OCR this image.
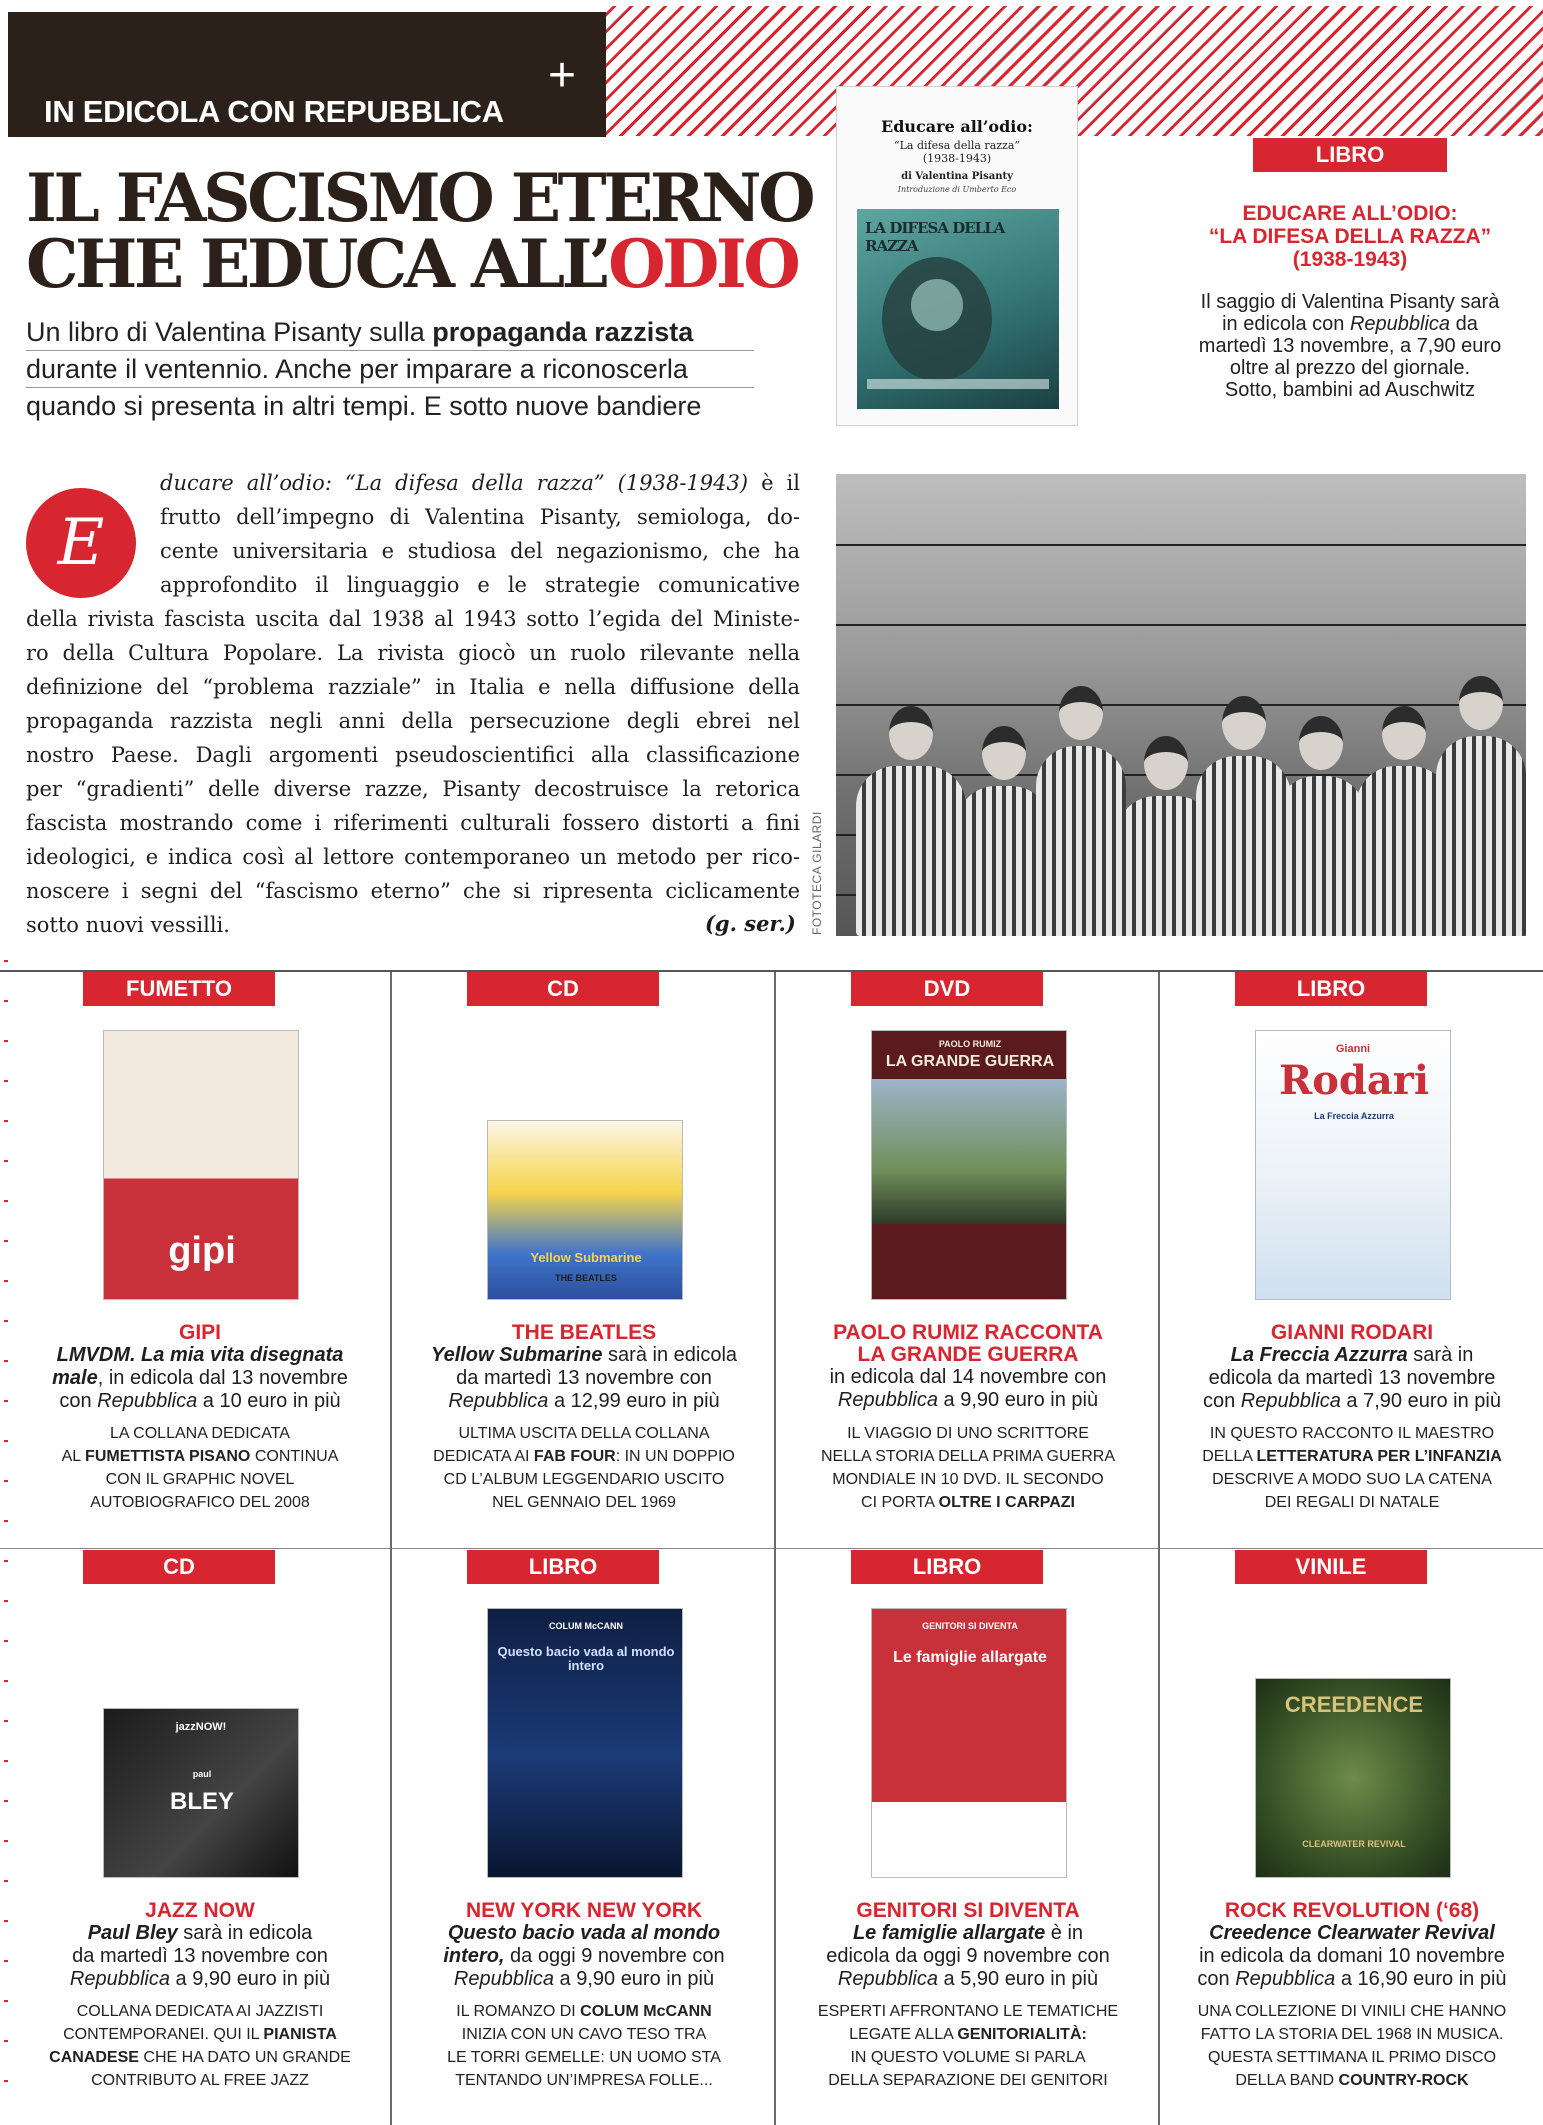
IN EDICOLA CON REPUBBLICA
+
IL FASCISMO ETERNO
CHE EDUCA ALL’ODIO
Un libro di Valentina Pisanty sulla propaganda razzista
durante il ventennio. Anche per imparare a riconoscerla
quando si presenta in altri tempi. E sotto nuove bandiere
Educare all’odio:
“La difesa della razza”
(1938-1943)
di Valentina Pisanty
Introduzione di Umberto Eco
LA DIFESA DELLA RAZZA
LIBRO
EDUCARE ALL’ODIO:
“LA DIFESA DELLA RAZZA”
(1938-1943)
Il saggio di Valentina Pisanty sarà
in edicola con Repubblica da
martedì 13 novembre, a 7,90 euro
oltre al prezzo del giornale.
Sotto, bambini ad Auschwitz
E
ducare all’odio: “La difesa della razza” (1938-1943) è il
frutto dell’impegno di Valentina Pisanty, semiologa, do-
cente universitaria e studiosa del negazionismo, che ha
approfondito il linguaggio e le strategie comunicative
della rivista fascista uscita dal 1938 al 1943 sotto l’egida del Ministe-
ro della Cultura Popolare. La rivista giocò un ruolo rilevante nella
definizione del “problema razziale” in Italia e nella diffusione della
propaganda razzista negli anni della persecuzione degli ebrei nel
nostro Paese. Dagli argomenti pseudoscientifici alla classificazione
per “gradienti” delle diverse razze, Pisanty decostruisce la retorica
fascista mostrando come i riferimenti culturali fossero distorti a fini
ideologici, e indica così al lettore contemporaneo un metodo per rico-
noscere i segni del “fascismo eterno” che si ripresenta ciclicamente
sotto nuovi vessilli.	(g. ser.) FOTOTECA GILARDI
FUMETTO
gipi
LMVDM. La mia vita disegnata male
GIPI
LMVDM. La mia vita disegnata
male, in edicola dal 13 novembre
con Repubblica a 10 euro in più
LA COLLANA DEDICATA
AL FUMETTISTA PISANO CONTINUA
CON IL GRAPHIC NOVEL
AUTOBIOGRAFICO DEL 2008
CD
Yellow Submarine
THE BEATLES
THE BEATLES
Yellow Submarine sarà in edicola
da martedì 13 novembre con
Repubblica a 12,99 euro in più
ULTIMA USCITA DELLA COLLANA
DEDICATA AI FAB FOUR: IN UN DOPPIO
CD L’ALBUM LEGGENDARIO USCITO
NEL GENNAIO DEL 1969
DVD
LA GRANDE GUERRA
PAOLO RUMIZ
PAOLO RUMIZ RACCONTA
LA GRANDE GUERRA
in edicola dal 14 novembre con
Repubblica a 9,90 euro in più
IL VIAGGIO DI UNO SCRITTORE
NELLA STORIA DELLA PRIMA GUERRA
MONDIALE IN 10 DVD. IL SECONDO
CI PORTA OLTRE I CARPAZI
LIBRO
Gianni
Rodari
La Freccia Azzurra
GIANNI RODARI
La Freccia Azzurra sarà in
edicola da martedì 13 novembre
con Repubblica a 7,90 euro in più
IN QUESTO RACCONTO IL MAESTRO
DELLA LETTERATURA PER L’INFANZIA
DESCRIVE A MODO SUO LA CATENA
DEI REGALI DI NATALE
CD
jazzNOW!
BLEY
paul
JAZZ NOW
Paul Bley sarà in edicola
da martedì 13 novembre con
Repubblica a 9,90 euro in più
COLLANA DEDICATA AI JAZZISTI
CONTEMPORANEI. QUI IL PIANISTA
CANADESE CHE HA DATO UN GRANDE
CONTRIBUTO AL FREE JAZZ
LIBRO
Questo bacio vada al mondo intero
COLUM McCANN
NEW YORK NEW YORK
Questo bacio vada al mondo
intero, da oggi 9 novembre con
Repubblica a 9,90 euro in più
IL ROMANZO DI COLUM McCANN
INIZIA CON UN CAVO TESO TRA
LE TORRI GEMELLE: UN UOMO STA
TENTANDO UN’IMPRESA FOLLE...
LIBRO
Le famiglie allargate
GENITORI SI DIVENTA
GENITORI SI DIVENTA
Le famiglie allargate è in
edicola da oggi 9 novembre con
Repubblica a 5,90 euro in più
ESPERTI AFFRONTANO LE TEMATICHE
LEGATE ALLA GENITORIALITÀ:
IN QUESTO VOLUME SI PARLA
DELLA SEPARAZIONE DEI GENITORI
VINILE
CREEDENCE
CLEARWATER REVIVAL
ROCK REVOLUTION (‘68)
Creedence Clearwater Revival
in edicola da domani 10 novembre
con Repubblica a 16,90 euro in più
UNA COLLEZIONE DI VINILI CHE HANNO
FATTO LA STORIA DEL 1968 IN MUSICA.
QUESTA SETTIMANA IL PRIMO DISCO
DELLA BAND COUNTRY-ROCK
